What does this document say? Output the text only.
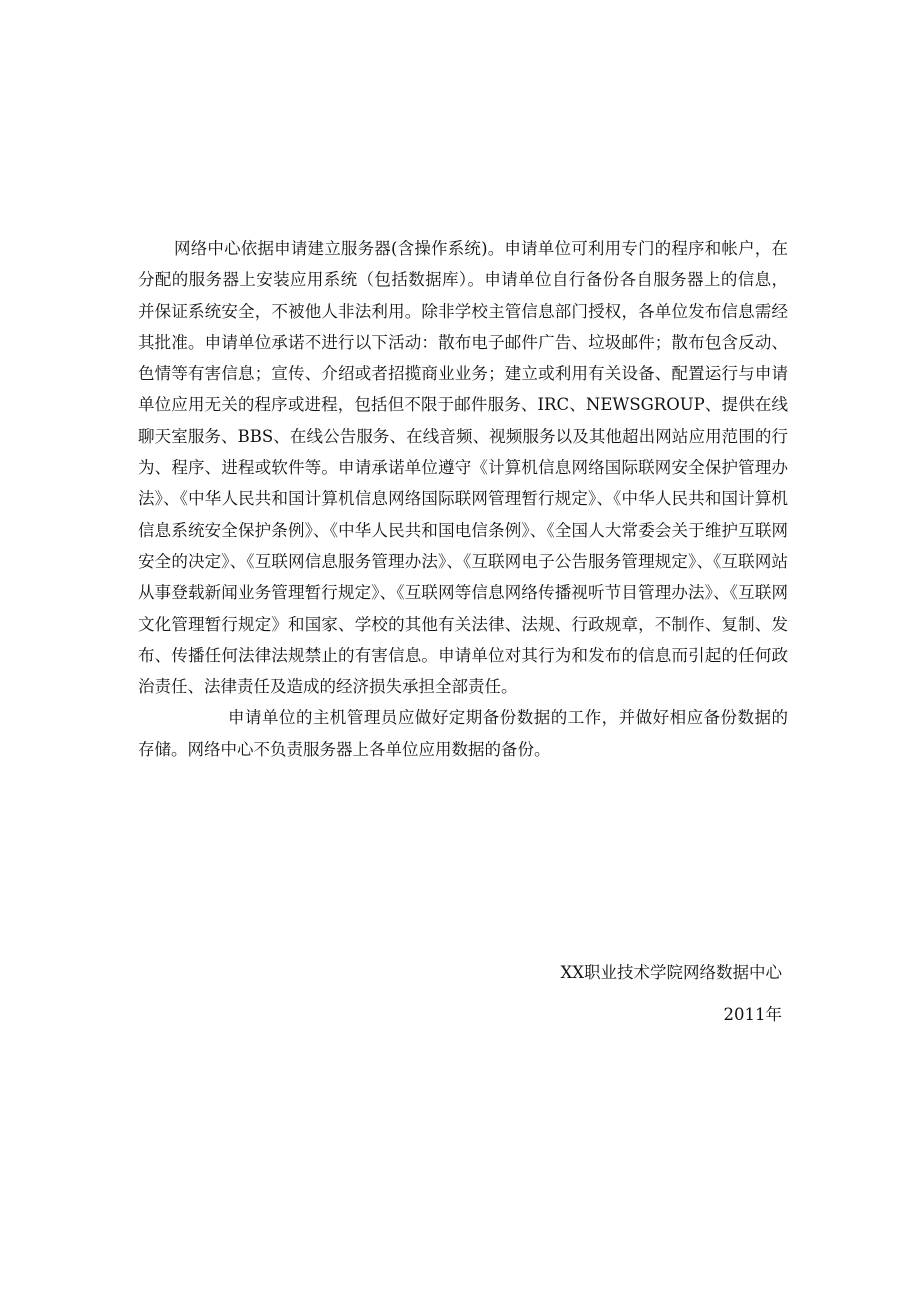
网络中心依据申请建立服务器(含操作系统)。申请单位可利用专门的程序和帐户，在分配的服务器上安装应用系统（包括数据库）。申请单位自行备份各自服务器上的信息，并保证系统安全，不被他人非法利用。除非学校主管信息部门授权，各单位发布信息需经其批准。申请单位承诺不进行以下活动：散布电子邮件广告、垃圾邮件；散布包含反动、色情等有害信息；宣传、介绍或者招揽商业业务；建立或利用有关设备、配置运行与申请单位应用无关的程序或进程，包括但不限于邮件服务、IRC、NEWSGROUP、提供在线聊天室服务、BBS、在线公告服务、在线音频、视频服务以及其他超出网站应用范围的行为、程序、进程或软件等。申请承诺单位遵守《计算机信息网络国际联网安全保护管理办法》、《中华人民共和国计算机信息网络国际联网管理暂行规定》、《中华人民共和国计算机信息系统安全保护条例》、《中华人民共和国电信条例》、《全国人大常委会关于维护互联网安全的决定》、《互联网信息服务管理办法》、《互联网电子公告服务管理规定》、《互联网站从事登载新闻业务管理暂行规定》、《互联网等信息网络传播视听节目管理办法》、《互联网文化管理暂行规定》和国家、学校的其他有关法律、法规、行政规章，不制作、复制、发布、传播任何法律法规禁止的有害信息。申请单位对其行为和发布的信息而引起的任何政治责任、法律责任及造成的经济损失承担全部责任。

申请单位的主机管理员应做好定期备份数据的工作，并做好相应备份数据的存储。网络中心不负责服务器上各单位应用数据的备份。

XX职业技术学院网络数据中心

2011年
